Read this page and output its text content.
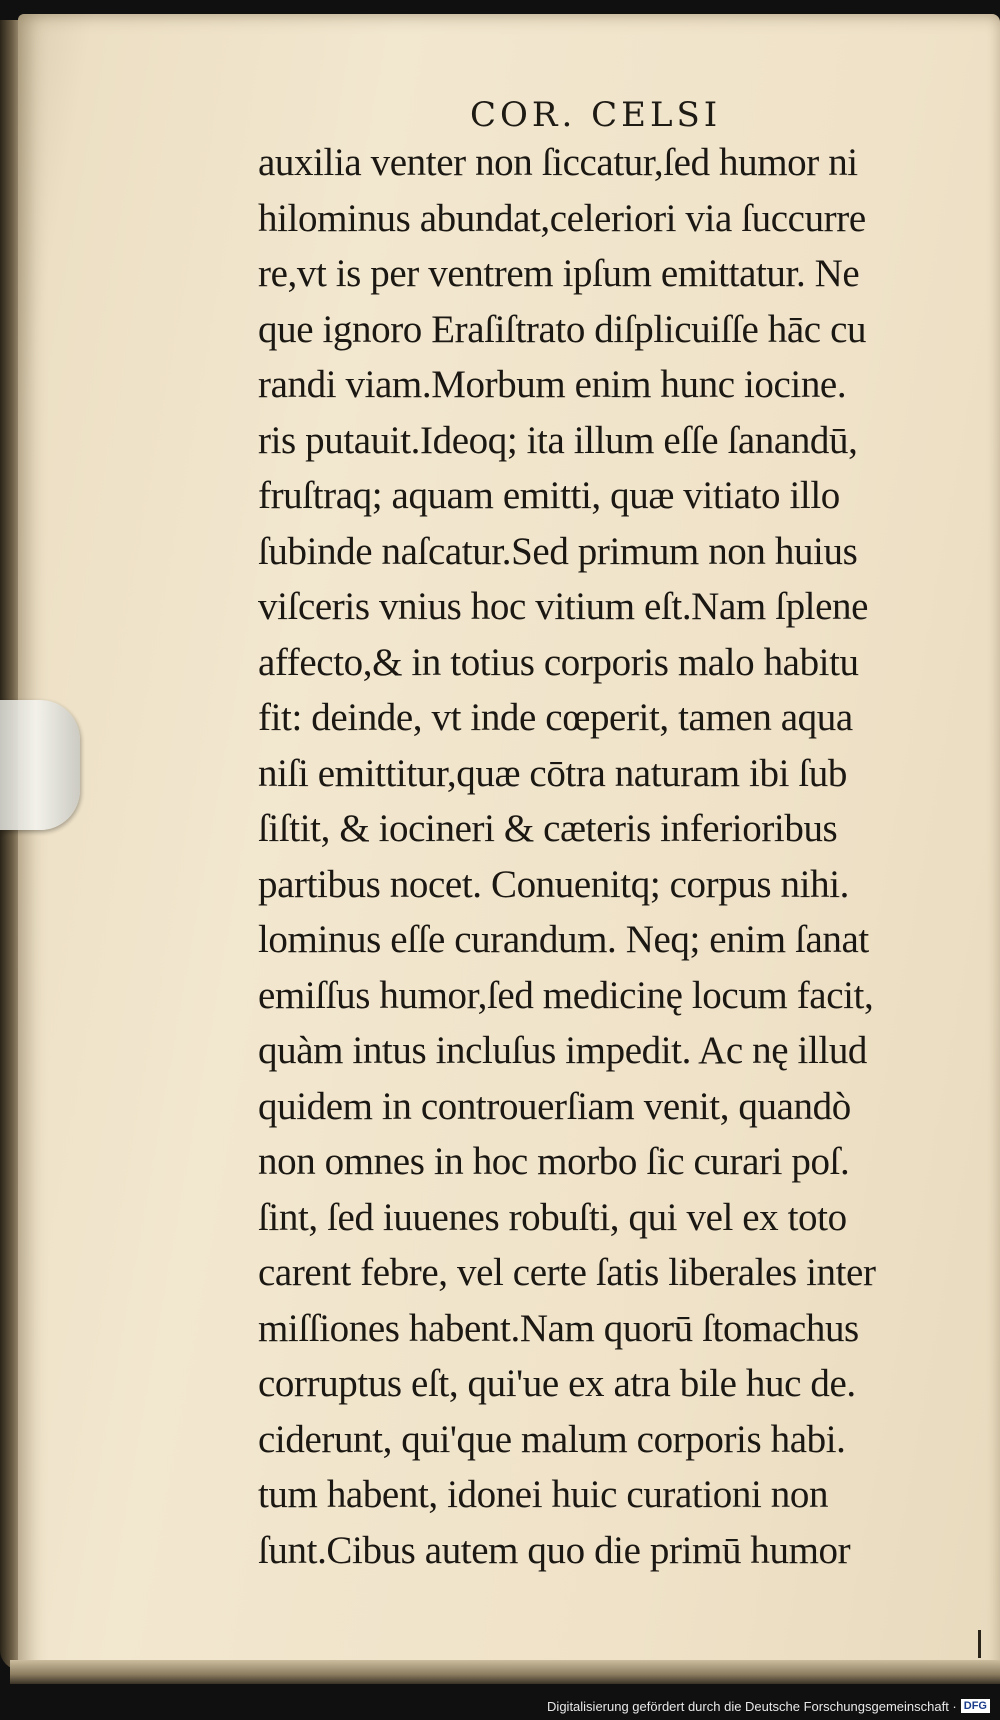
COR. CELSI
auxilia venter non ſiccatur,ſed humor ni
hilominus abundat,celeriori via ſuccurre
re,vt is per ventrem ipſum emittatur. Ne
que ignoro Eraſiſtrato diſplicuiſſe hāc cu
randi viam.Morbum enim hunc iocine.
ris putauit.Ideoq; ita illum eſſe ſanandū,
fruſtraq; aquam emitti, quæ vitiato illo
ſubinde naſcatur.Sed primum non huius
viſceris vnius hoc vitium eſt.Nam ſplene
affecto,& in totius corporis malo habitu
fit: deinde, vt inde cœperit, tamen aqua
niſi emittitur,quæ cōtra naturam ibi ſub
ſiſtit, & iocineri & cæteris inferioribus
partibus nocet. Conuenitq; corpus nihi.
lominus eſſe curandum. Neq; enim ſanat
emiſſus humor,ſed medicinę locum facit,
quàm intus incluſus impedit. Ac nę illud
quidem in controuerſiam venit, quandò
non omnes in hoc morbo ſic curari poſ.
ſint, ſed iuuenes robuſti, qui vel ex toto
carent febre, vel certe ſatis liberales inter
miſſiones habent.Nam quorū ſtomachus
corruptus eſt, qui'ue ex atra bile huc de.
ciderunt, qui'que malum corporis habi.
tum habent, idonei huic curationi non
ſunt.Cibus autem quo die primū humor
Digitalisierung gefördert durch die Deutsche Forschungsgemeinschaft · DFG
